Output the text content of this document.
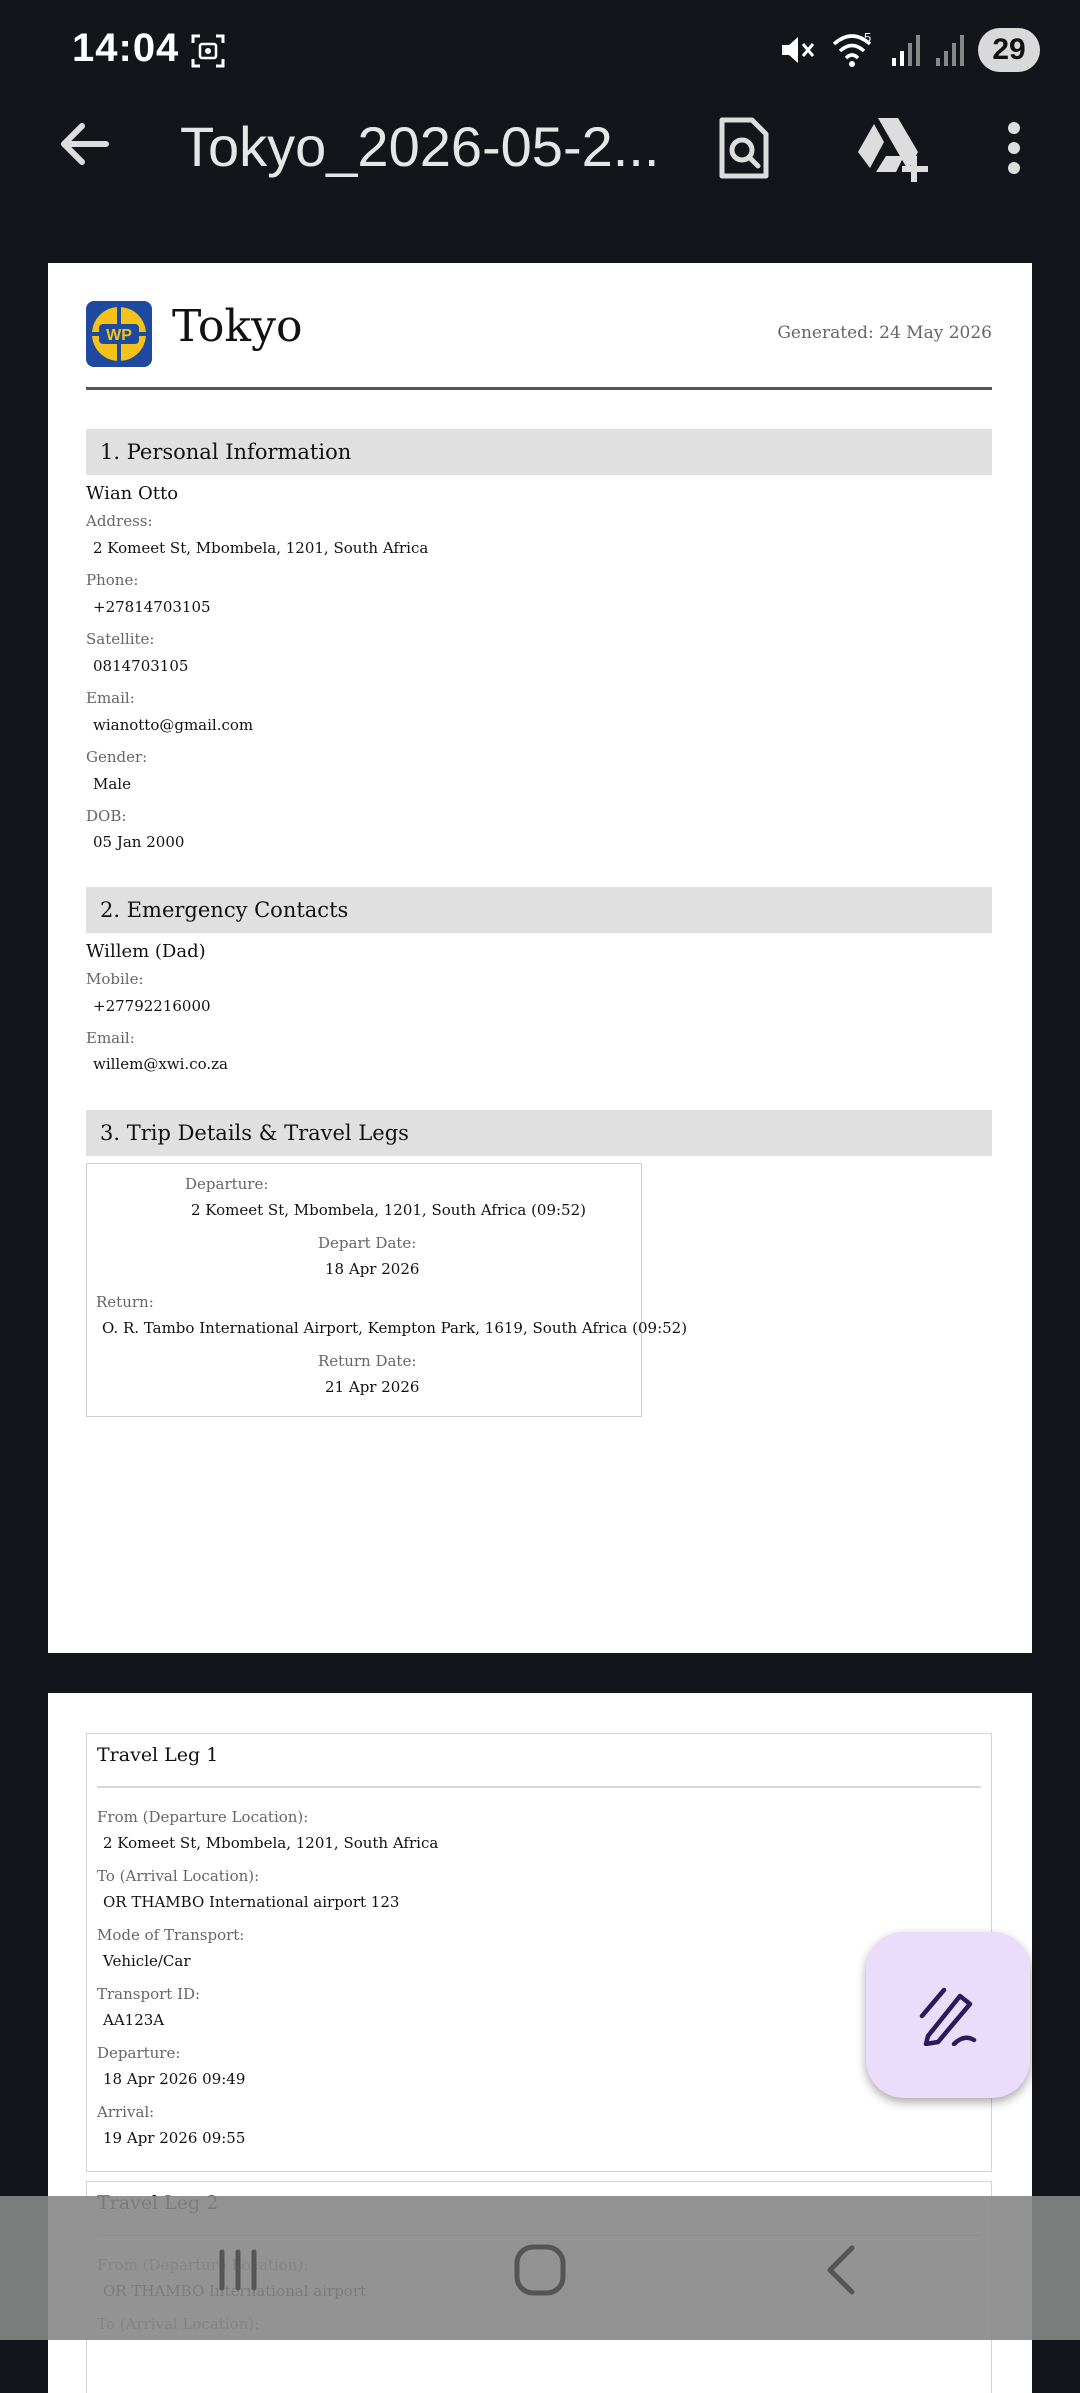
14:04	5	29
Tokyo_2026-05-2...
WP Tokyo	Generated: 24 May 2026
1. Personal Information
Wian Otto
Address:
2 Komeet St, Mbombela, 1201, South Africa
Phone:
+27814703105
Satellite:
0814703105
Email:
wianotto@gmail.com
Gender:
Male
DOB:
05 Jan 2000
2. Emergency Contacts
Willem (Dad)
Mobile:
+27792216000
Email:
willem@xwi.co.za
3. Trip Details & Travel Legs
Departure:
2 Komeet St, Mbombela, 1201, South Africa (09:52)
Depart Date:
18 Apr 2026
Return:
O. R. Tambo International Airport, Kempton Park, 1619, South Africa (09:52)
Return Date:
21 Apr 2026
Travel Leg 1
From (Departure Location):
2 Komeet St, Mbombela, 1201, South Africa
To (Arrival Location):
OR THAMBO International airport 123
Mode of Transport:
Vehicle/Car
Transport ID:
AA123A
Departure:
18 Apr 2026 09:49
Arrival:
19 Apr 2026 09:55
